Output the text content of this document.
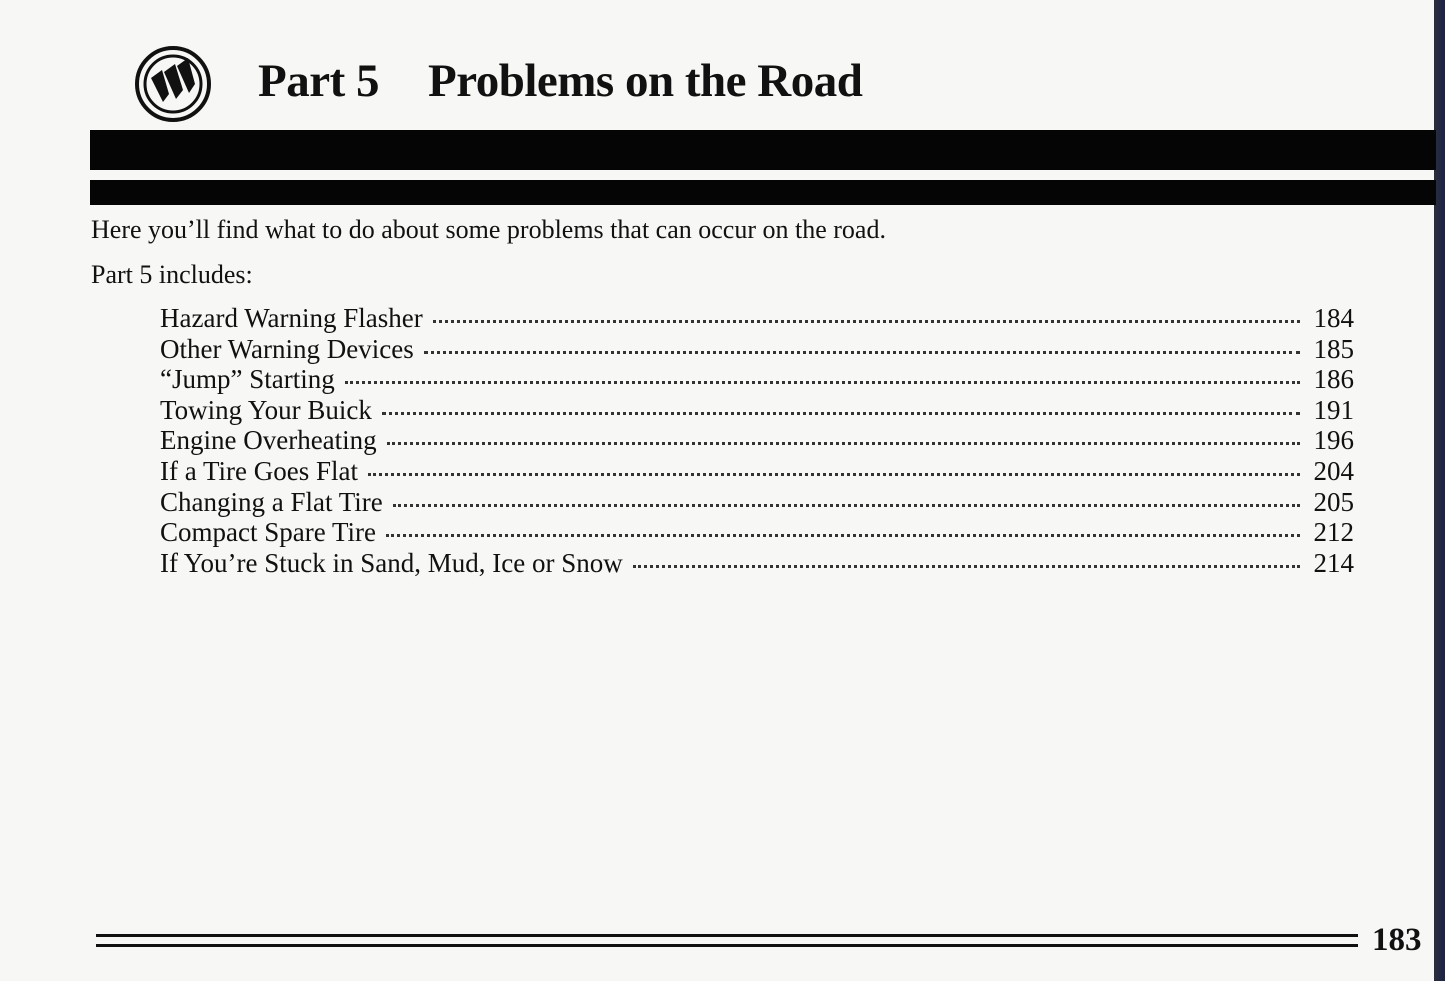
Part 5 Problems on the Road

Here you’ll find what to do about some problems that can occur on the road.

Part 5 includes:

Hazard Warning Flasher	184
Other Warning Devices	185
“Jump” Starting	186
Towing Your Buick	191
Engine Overheating	196
If a Tire Goes Flat	204
Changing a Flat Tire	205
Compact Spare Tire	212
If You’re Stuck in Sand, Mud, Ice or Snow	214

183
